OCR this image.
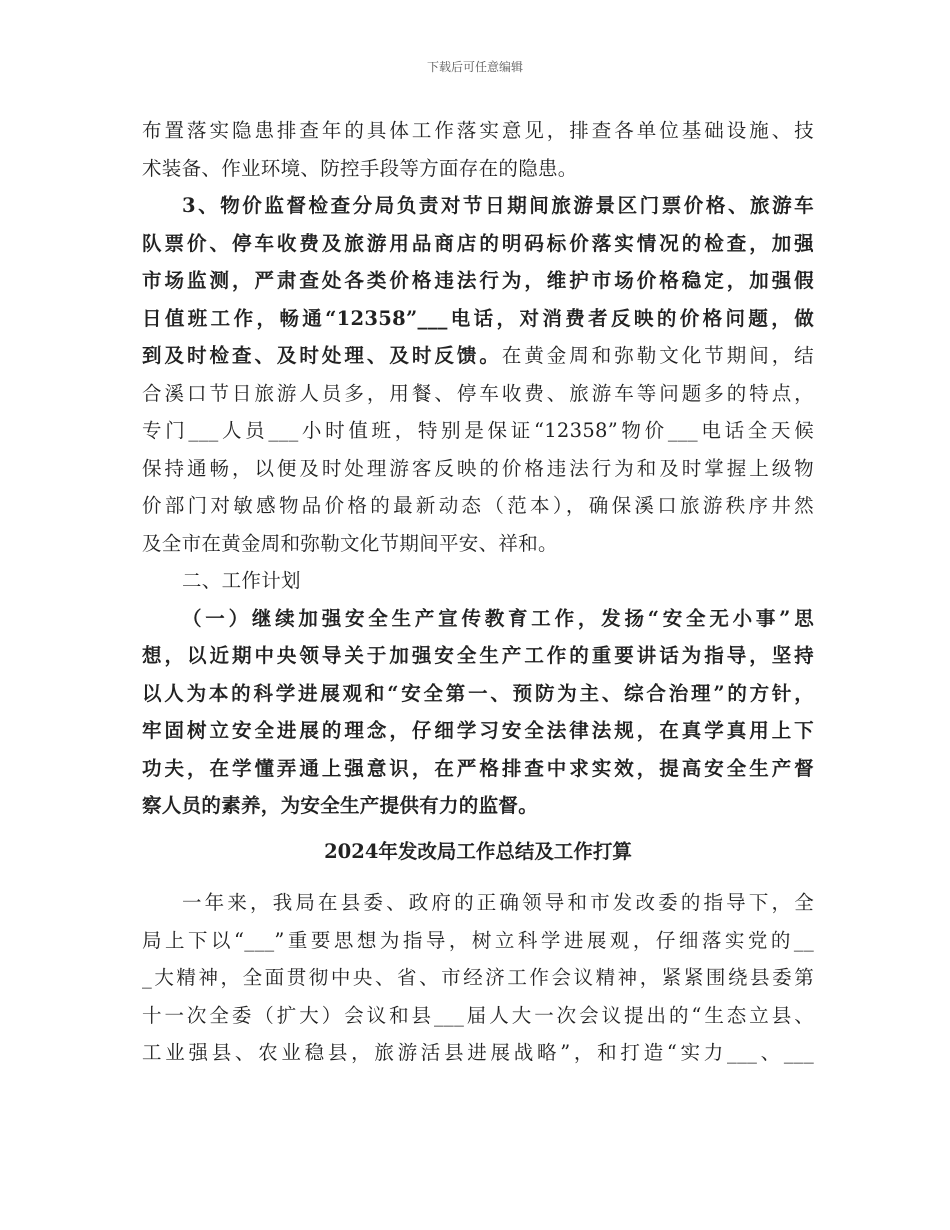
下载后可任意编辑
布置落实隐患排查年的具体工作落实意见，排查各单位基础设施、技
术装备、作业环境、防控手段等方面存在的隐患。
3、物价监督检查分局负责对节日期间旅游景区门票价格、旅游车
队票价、停车收费及旅游用品商店的明码标价落实情况的检查，加强
市场监测，严肃查处各类价格违法行为，维护市场价格稳定，加强假
日值班工作，畅通“12358”___电话，对消费者反映的价格问题，做
到及时检查、及时处理、及时反馈。在黄金周和弥勒文化节期间，结
合溪口节日旅游人员多，用餐、停车收费、旅游车等问题多的特点，
专门___人员___小时值班，特别是保证“12358”物价___电话全天候
保持通畅，以便及时处理游客反映的价格违法行为和及时掌握上级物
价部门对敏感物品价格的最新动态（范本），确保溪口旅游秩序井然
及全市在黄金周和弥勒文化节期间平安、祥和。
二、工作计划
（一）继续加强安全生产宣传教育工作，发扬“安全无小事”思
想，以近期中央领导关于加强安全生产工作的重要讲话为指导，坚持
以人为本的科学进展观和“安全第一、预防为主、综合治理”的方针，
牢固树立安全进展的理念，仔细学习安全法律法规，在真学真用上下
功夫，在学懂弄通上强意识，在严格排查中求实效，提高安全生产督
察人员的素养，为安全生产提供有力的监督。
2024年发改局工作总结及工作打算
一年来，我局在县委、政府的正确领导和市发改委的指导下，全
局上下以“___”重要思想为指导，树立科学进展观，仔细落实党的__
_大精神，全面贯彻中央、省、市经济工作会议精神，紧紧围绕县委第
十一次全委（扩大）会议和县___届人大一次会议提出的“生态立县、
工业强县、农业稳县，旅游活县进展战略”，和打造“实力___、___
